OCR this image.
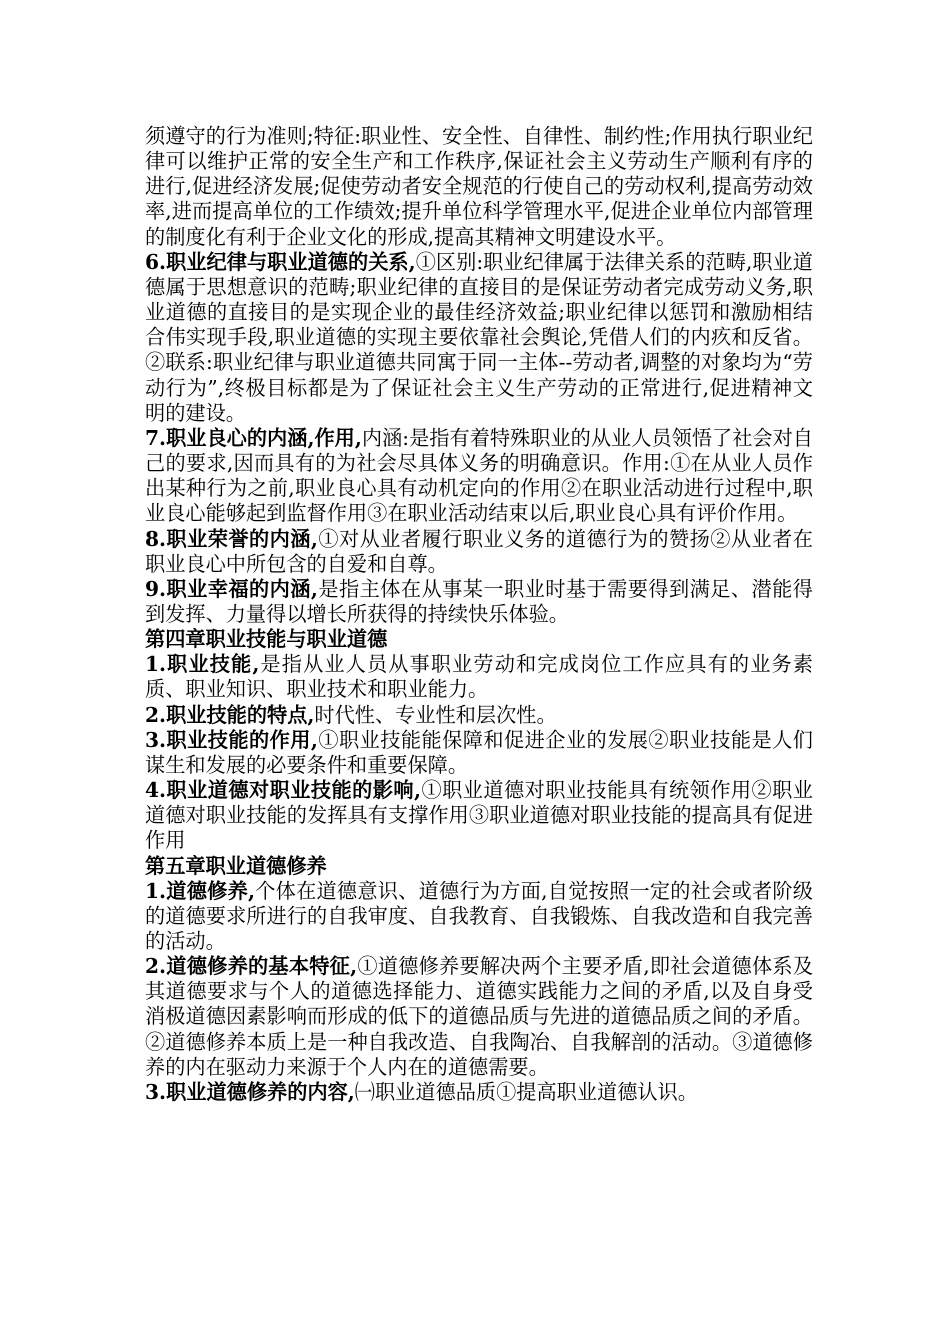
须遵守的行为准则;特征:职业性、安全性、自律性、制约性;作用执行职业纪律可以维护正常的安全生产和工作秩序,保证社会主义劳动生产顺利有序的进行,促进经济发展;促使劳动者安全规范的行使自己的劳动权利,提高劳动效率,进而提高单位的工作绩效;提升单位科学管理水平,促进企业单位内部管理的制度化有利于企业文化的形成,提高其精神文明建设水平。

6.职业纪律与职业道德的关系,①区别:职业纪律属于法律关系的范畴,职业道德属于思想意识的范畴;职业纪律的直接目的是保证劳动者完成劳动义务,职业道德的直接目的是实现企业的最佳经济效益;职业纪律以惩罚和激励相结合伟实现手段,职业道德的实现主要依靠社会舆论,凭借人们的内疚和反省。②联系:职业纪律与职业道德共同寓于同一主体--劳动者,调整的对象均为“劳动行为”,终极目标都是为了保证社会主义生产劳动的正常进行,促进精神文明的建设。

7.职业良心的内涵,作用,内涵:是指有着特殊职业的从业人员领悟了社会对自己的要求,因而具有的为社会尽具体义务的明确意识。作用:①在从业人员作出某种行为之前,职业良心具有动机定向的作用②在职业活动进行过程中,职业良心能够起到监督作用③在职业活动结束以后,职业良心具有评价作用。

8.职业荣誉的内涵,①对从业者履行职业义务的道德行为的赞扬②从业者在职业良心中所包含的自爱和自尊。

9.职业幸福的内涵,是指主体在从事某一职业时基于需要得到满足、潜能得到发挥、力量得以增长所获得的持续快乐体验。

第四章职业技能与职业道德

1.职业技能,是指从业人员从事职业劳动和完成岗位工作应具有的业务素质、职业知识、职业技术和职业能力。

2.职业技能的特点,时代性、专业性和层次性。

3.职业技能的作用,①职业技能能保障和促进企业的发展②职业技能是人们谋生和发展的必要条件和重要保障。

4.职业道德对职业技能的影响,①职业道德对职业技能具有统领作用②职业道德对职业技能的发挥具有支撑作用③职业道德对职业技能的提高具有促进作用

第五章职业道德修养

1.道德修养,个体在道德意识、道德行为方面,自觉按照一定的社会或者阶级的道德要求所进行的自我审度、自我教育、自我锻炼、自我改造和自我完善的活动。

2.道德修养的基本特征,①道德修养要解决两个主要矛盾,即社会道德体系及其道德要求与个人的道德选择能力、道德实践能力之间的矛盾,以及自身受消极道德因素影响而形成的低下的道德品质与先进的道德品质之间的矛盾。②道德修养本质上是一种自我改造、自我陶冶、自我解剖的活动。③道德修养的内在驱动力来源于个人内在的道德需要。

3.职业道德修养的内容,㈠职业道德品质①提高职业道德认识。
